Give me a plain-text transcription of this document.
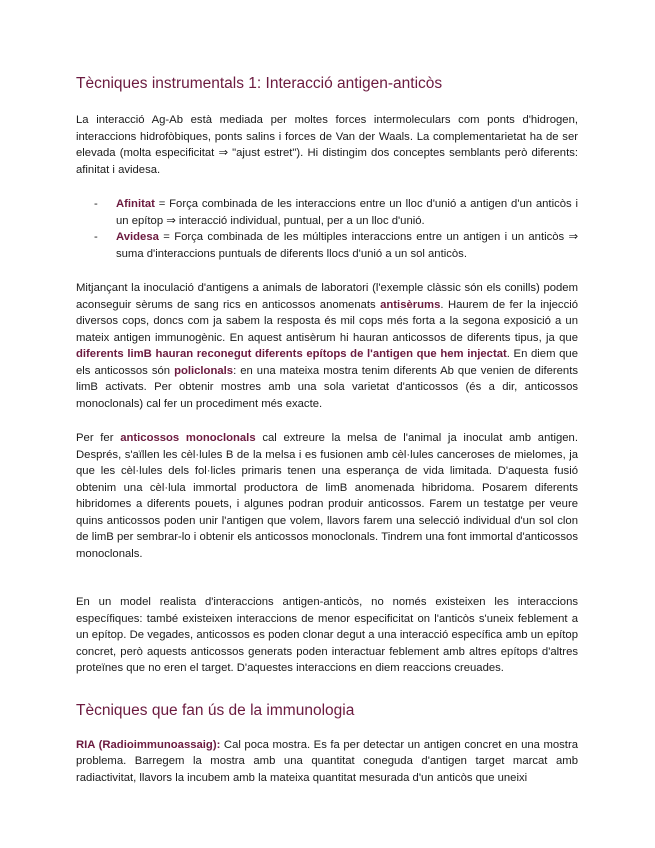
Tècniques instrumentals 1: Interacció antigen-anticòs

La interacció Ag-Ab està mediada per moltes forces intermoleculars com ponts d'hidrogen, interaccions hidrofòbiques, ponts salins i forces de Van der Waals. La complementarietat ha de ser elevada (molta especificitat ⇒ "ajust estret"). Hi distingim dos conceptes semblants però diferents: afinitat i avidesa.

- Afinitat = Força combinada de les interaccions entre un lloc d'unió a antigen d'un anticòs i un epítop ⇒ interacció individual, puntual, per a un lloc d'unió.
- Avidesa = Força combinada de les múltiples interaccions entre un antigen i un anticòs ⇒ suma d'interaccions puntuals de diferents llocs d'unió a un sol anticòs.

Mitjançant la inoculació d'antigens a animals de laboratori (l'exemple clàssic són els conills) podem aconseguir sèrums de sang rics en anticossos anomenats antisèrums. Haurem de fer la injecció diversos cops, doncs com ja sabem la resposta és mil cops més forta a la segona exposició a un mateix antigen immunogènic. En aquest antisèrum hi hauran anticossos de diferents tipus, ja que diferents limB hauran reconegut diferents epítops de l'antigen que hem injectat. En diem que els anticossos són policlonals: en una mateixa mostra tenim diferents Ab que venien de diferents limB activats. Per obtenir mostres amb una sola varietat d'anticossos (és a dir, anticossos monoclonals) cal fer un procediment més exacte.

Per fer anticossos monoclonals cal extreure la melsa de l'animal ja inoculat amb antigen. Després, s'aïllen les cèl·lules B de la melsa i es fusionen amb cèl·lules canceroses de mielomes, ja que les cèl·lules dels fol·licles primaris tenen una esperança de vida limitada. D'aquesta fusió obtenim una cèl·lula immortal productora de limB anomenada hibridoma. Posarem diferents hibridomes a diferents pouets, i algunes podran produir anticossos. Farem un testatge per veure quins anticossos poden unir l'antigen que volem, llavors farem una selecció individual d'un sol clon de limB per sembrar-lo i obtenir els anticossos monoclonals. Tindrem una font immortal d'anticossos monoclonals.

En un model realista d'interaccions antigen-anticòs, no només existeixen les interaccions específiques: també existeixen interaccions de menor especificitat on l'anticòs s'uneix feblement a un epítop. De vegades, anticossos es poden clonar degut a una interacció específica amb un epítop concret, però aquests anticossos generats poden interactuar feblement amb altres epítops d'altres proteïnes que no eren el target. D'aquestes interaccions en diem reaccions creuades.

Tècniques que fan ús de la immunologia

RIA (Radioimmunoassaig): Cal poca mostra. Es fa per detectar un antigen concret en una mostra problema. Barregem la mostra amb una quantitat coneguda d'antigen target marcat amb radiactivitat, llavors la incubem amb la mateixa quantitat mesurada d'un anticòs que uneixi
